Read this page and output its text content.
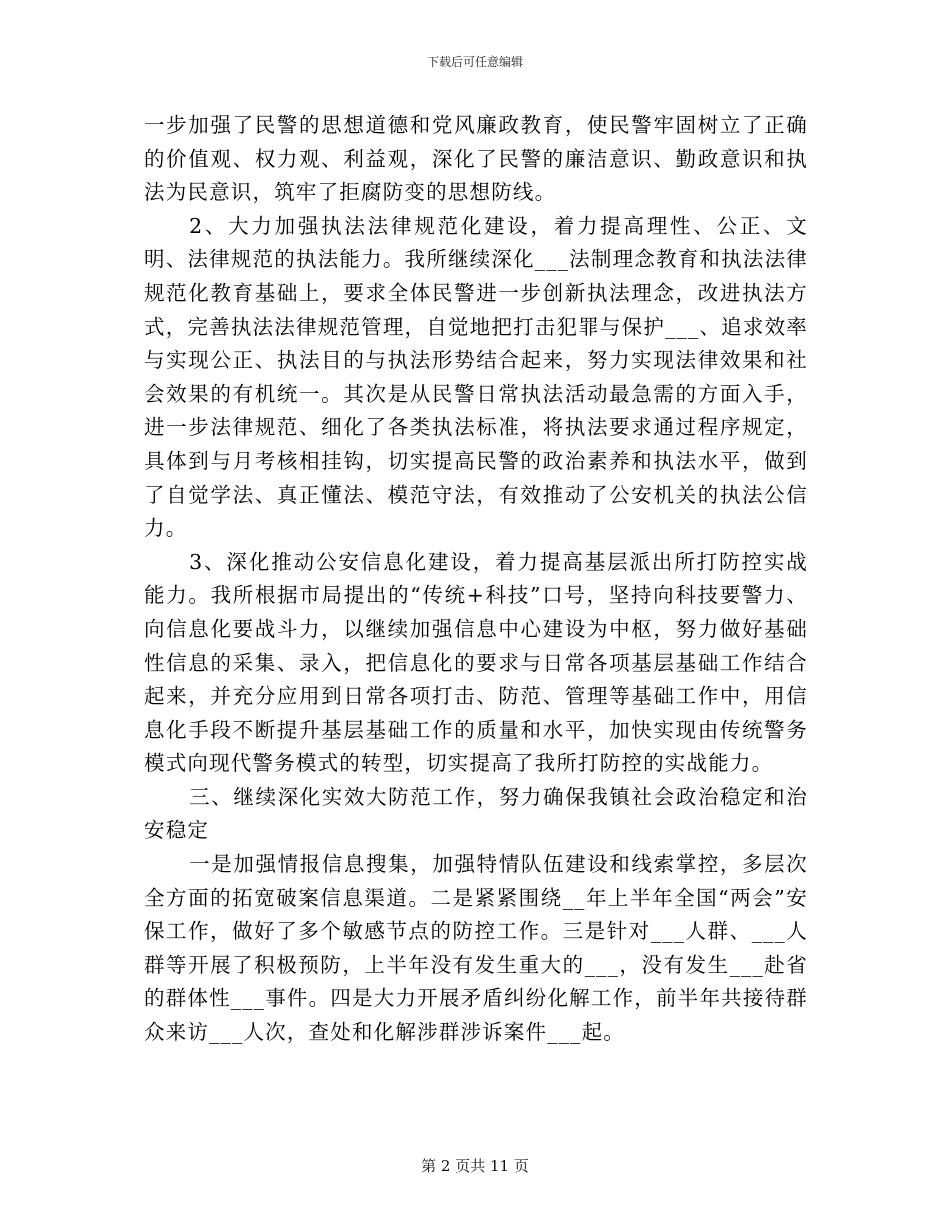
下载后可任意编辑

一步加强了民警的思想道德和党风廉政教育，使民警牢固树立了正确的价值观、权力观、利益观，深化了民警的廉洁意识、勤政意识和执法为民意识，筑牢了拒腐防变的思想防线。

2、大力加强执法法律规范化建设，着力提高理性、公正、文明、法律规范的执法能力。我所继续深化___法制理念教育和执法法律规范化教育基础上，要求全体民警进一步创新执法理念，改进执法方式，完善执法法律规范管理，自觉地把打击犯罪与保护___、追求效率与实现公正、执法目的与执法形势结合起来，努力实现法律效果和社会效果的有机统一。其次是从民警日常执法活动最急需的方面入手，进一步法律规范、细化了各类执法标准，将执法要求通过程序规定，具体到与月考核相挂钩，切实提高民警的政治素养和执法水平，做到了自觉学法、真正懂法、模范守法，有效推动了公安机关的执法公信力。

3、深化推动公安信息化建设，着力提高基层派出所打防控实战能力。我所根据市局提出的“传统+科技”口号，坚持向科技要警力、向信息化要战斗力，以继续加强信息中心建设为中枢，努力做好基础性信息的采集、录入，把信息化的要求与日常各项基层基础工作结合起来，并充分应用到日常各项打击、防范、管理等基础工作中，用信息化手段不断提升基层基础工作的质量和水平，加快实现由传统警务模式向现代警务模式的转型，切实提高了我所打防控的实战能力。

三、继续深化实效大防范工作，努力确保我镇社会政治稳定和治安稳定

一是加强情报信息搜集，加强特情队伍建设和线索掌控，多层次全方面的拓宽破案信息渠道。二是紧紧围绕__年上半年全国“两会”安保工作，做好了多个敏感节点的防控工作。三是针对___人群、___人群等开展了积极预防，上半年没有发生重大的___，没有发生___赴省的群体性___事件。四是大力开展矛盾纠纷化解工作，前半年共接待群众来访___人次，查处和化解涉群涉诉案件___起。

第 2 页共 11 页
